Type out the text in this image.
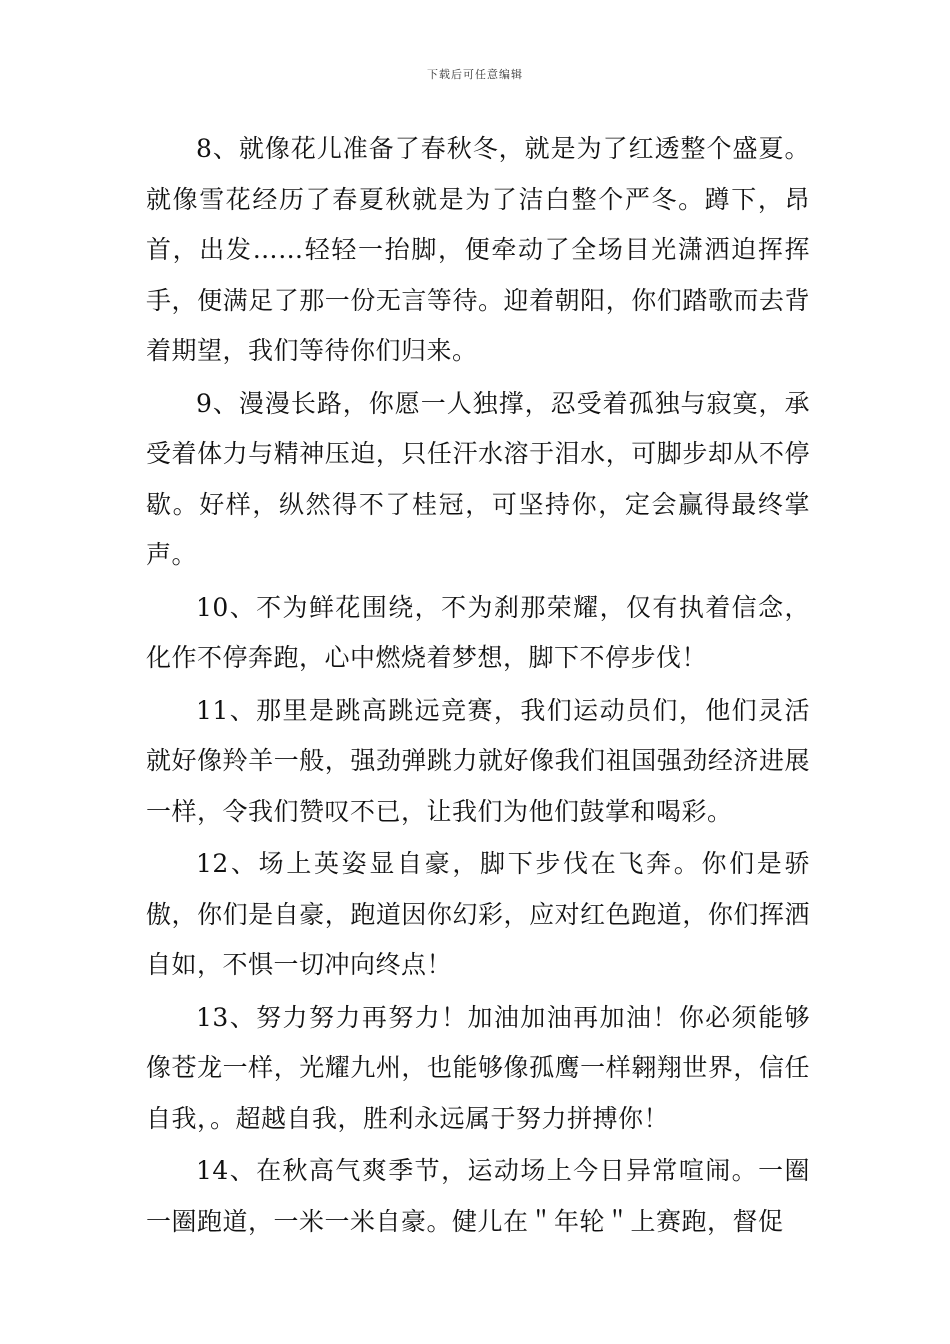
下载后可任意编辑

8、就像花儿准备了春秋冬，就是为了红透整个盛夏。就像雪花经历了春夏秋就是为了洁白整个严冬。蹲下，昂首，出发……轻轻一抬脚，便牵动了全场目光潇洒迫挥挥手，便满足了那一份无言等待。迎着朝阳，你们踏歌而去背着期望，我们等待你们归来。

9、漫漫长路，你愿一人独撑，忍受着孤独与寂寞，承受着体力与精神压迫，只任汗水溶于泪水，可脚步却从不停歇。好样，纵然得不了桂冠，可坚持你，定会赢得最终掌声。

10、不为鲜花围绕，不为刹那荣耀，仅有执着信念，化作不停奔跑，心中燃烧着梦想，脚下不停步伐！

11、那里是跳高跳远竞赛，我们运动员们，他们灵活就好像羚羊一般，强劲弹跳力就好像我们祖国强劲经济进展一样，令我们赞叹不已，让我们为他们鼓掌和喝彩。

12、场上英姿显自豪，脚下步伐在飞奔。你们是骄傲，你们是自豪，跑道因你幻彩，应对红色跑道，你们挥洒自如，不惧一切冲向终点！

13、努力努力再努力！加油加油再加油！你必须能够像苍龙一样，光耀九州，也能够像孤鹰一样翱翔世界，信任自我，。超越自我，胜利永远属于努力拼搏你！

14、在秋高气爽季节，运动场上今日异常喧闹。一圈一圈跑道，一米一米自豪。健儿在＂年轮＂上赛跑，督促
